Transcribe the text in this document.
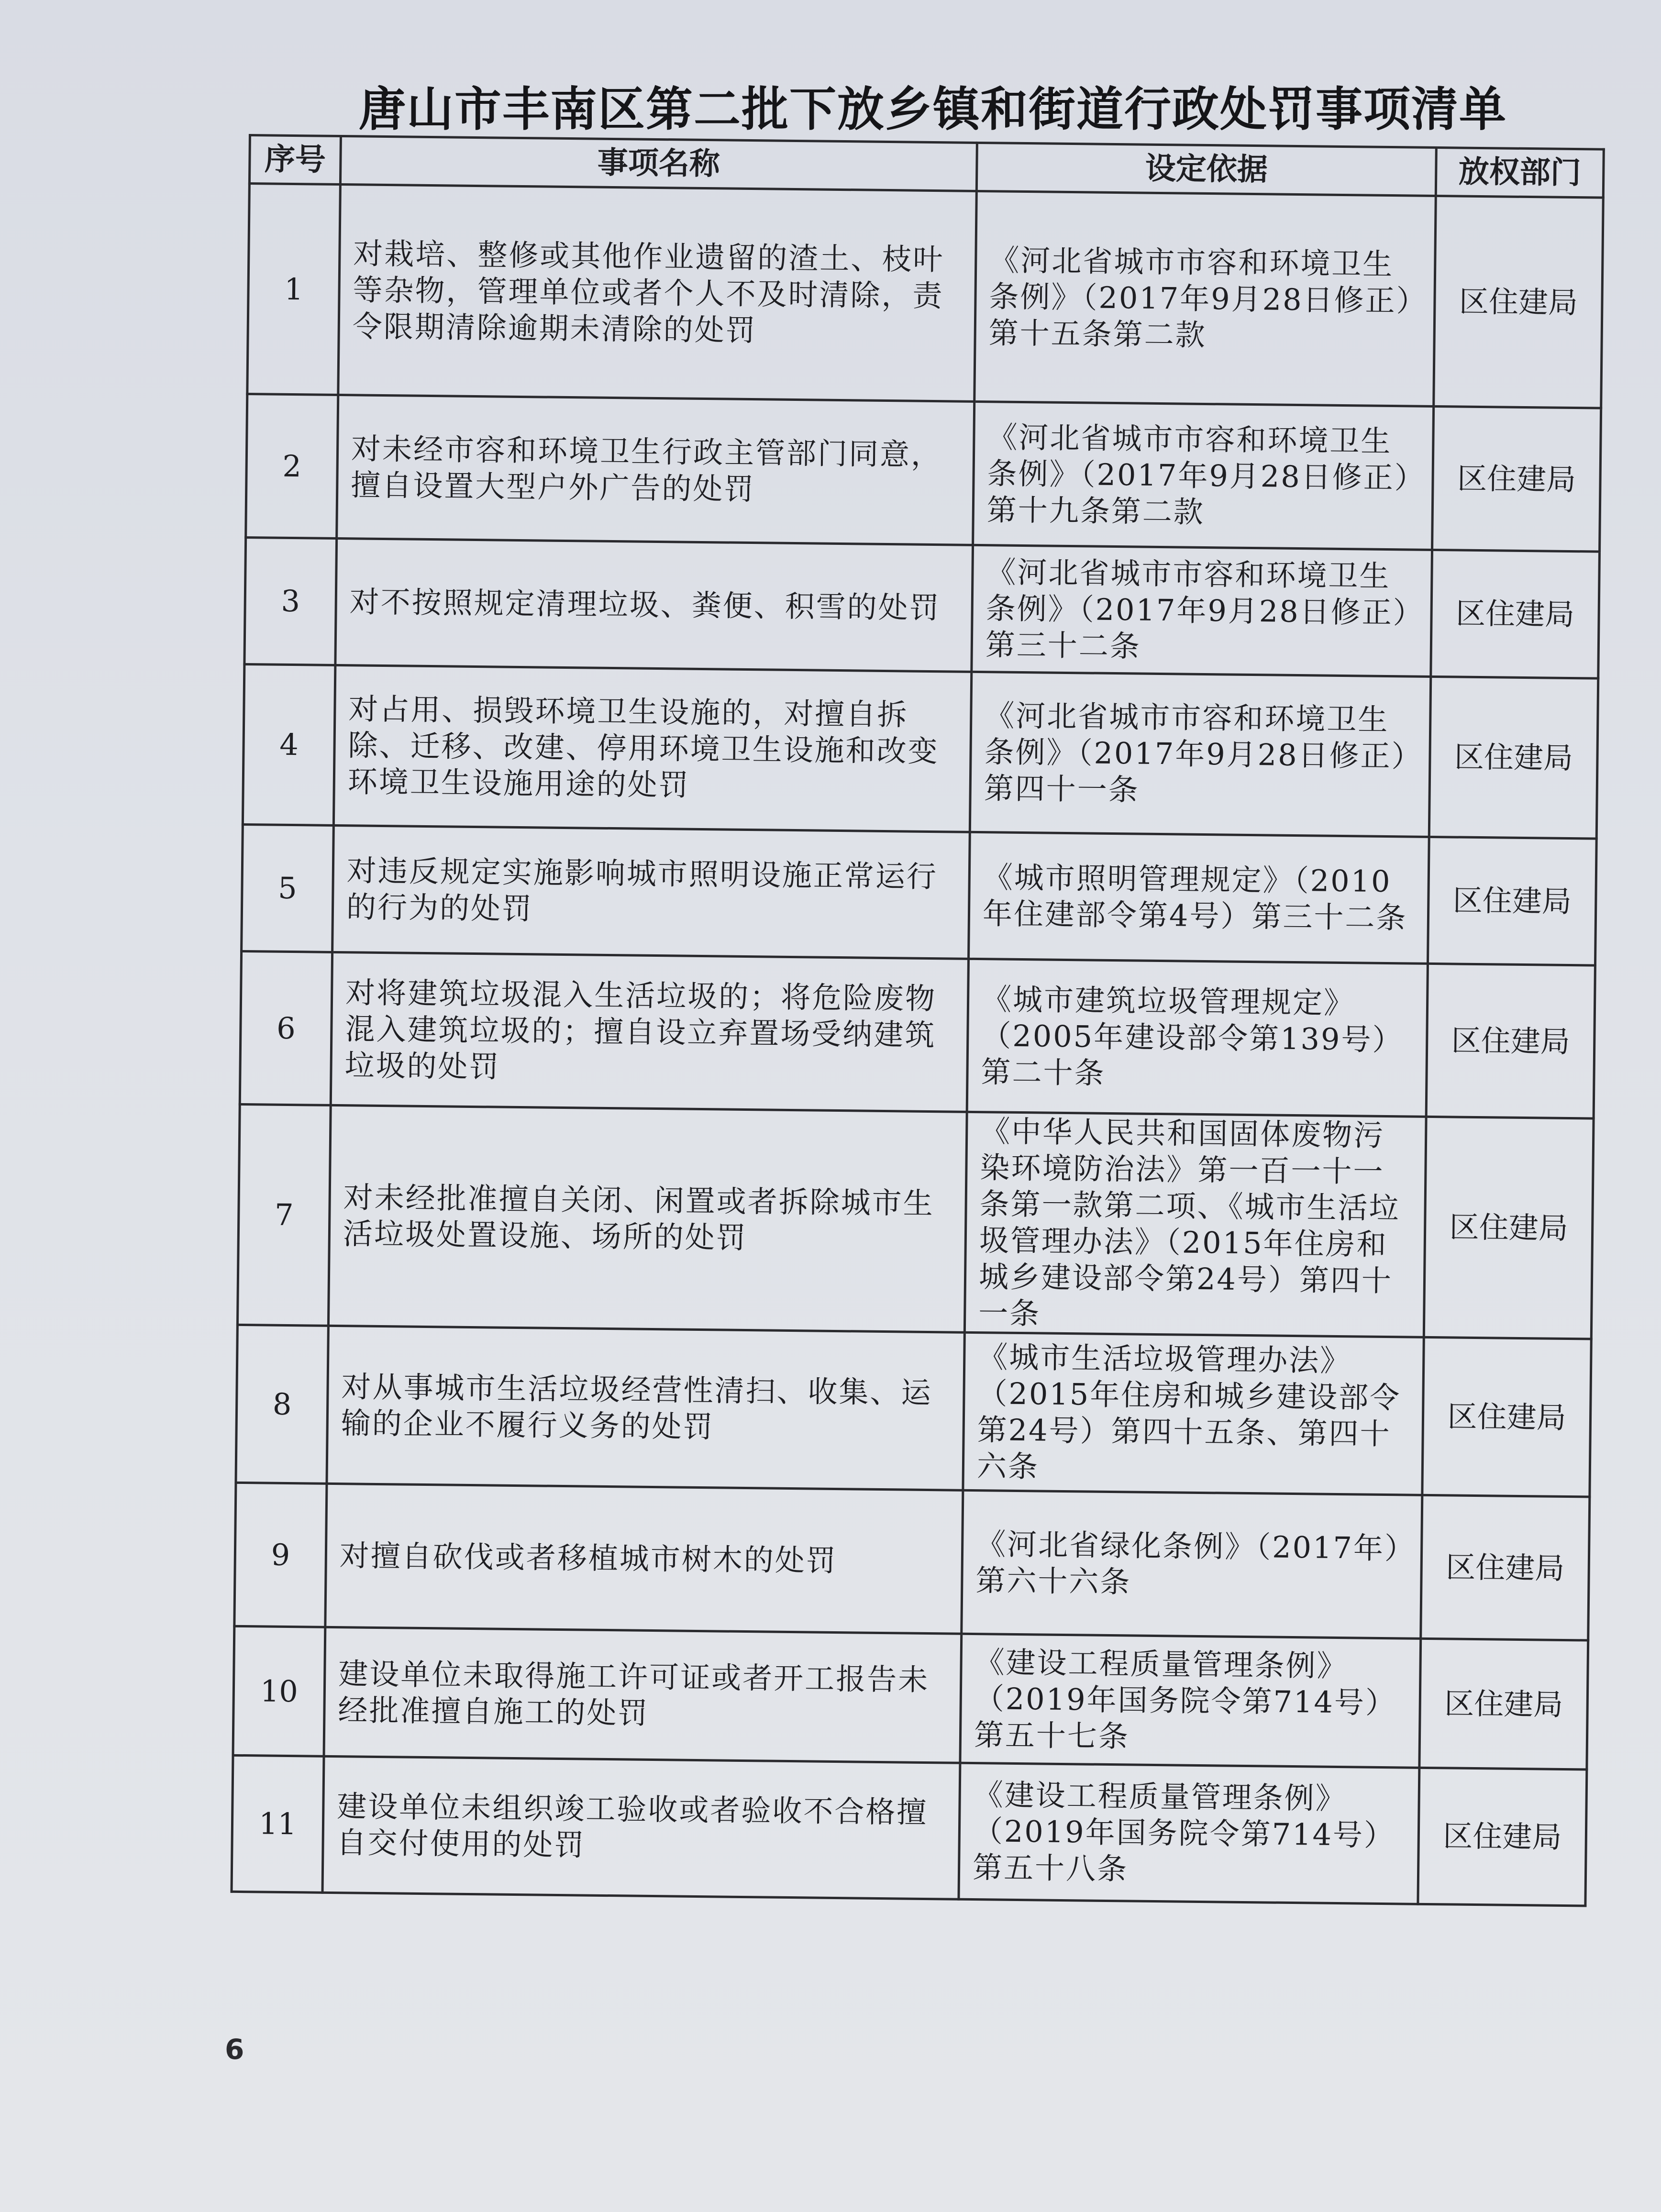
唐山市丰南区第二批下放乡镇和街道行政处罚事项清单
序号	事项名称	设定依据	放权部门
1	对栽培、整修或其他作业遗留的渣土、枝叶等杂物，管理单位或者个人不及时清除，责令限期清除逾期未清除的处罚	《河北省城市市容和环境卫生条例》（2017年9月28日修正）第十五条第二款	区住建局
2	对未经市容和环境卫生行政主管部门同意，擅自设置大型户外广告的处罚	《河北省城市市容和环境卫生条例》（2017年9月28日修正）第十九条第二款	区住建局
3	对不按照规定清理垃圾、粪便、积雪的处罚	《河北省城市市容和环境卫生条例》（2017年9月28日修正）第三十二条	区住建局
4	对占用、损毁环境卫生设施的，对擅自拆除、迁移、改建、停用环境卫生设施和改变环境卫生设施用途的处罚	《河北省城市市容和环境卫生条例》（2017年9月28日修正）第四十一条	区住建局
5	对违反规定实施影响城市照明设施正常运行的行为的处罚	《城市照明管理规定》（2010年住建部令第4号）第三十二条	区住建局
6	对将建筑垃圾混入生活垃圾的；将危险废物混入建筑垃圾的；擅自设立弃置场受纳建筑垃圾的处罚	《城市建筑垃圾管理规定》（2005年建设部令第139号）第二十条	区住建局
7	对未经批准擅自关闭、闲置或者拆除城市生活垃圾处置设施、场所的处罚	《中华人民共和国固体废物污染环境防治法》第一百一十一条第一款第二项、《城市生活垃圾管理办法》（2015年住房和城乡建设部令第24号）第四十一条	区住建局
8	对从事城市生活垃圾经营性清扫、收集、运输的企业不履行义务的处罚	《城市生活垃圾管理办法》（2015年住房和城乡建设部令第24号）第四十五条、第四十六条	区住建局
9	对擅自砍伐或者移植城市树木的处罚	《河北省绿化条例》（2017年）第六十六条	区住建局
10	建设单位未取得施工许可证或者开工报告未经批准擅自施工的处罚	《建设工程质量管理条例》（2019年国务院令第714号）第五十七条	区住建局
11	建设单位未组织竣工验收或者验收不合格擅自交付使用的处罚	《建设工程质量管理条例》（2019年国务院令第714号）第五十八条	区住建局
6
